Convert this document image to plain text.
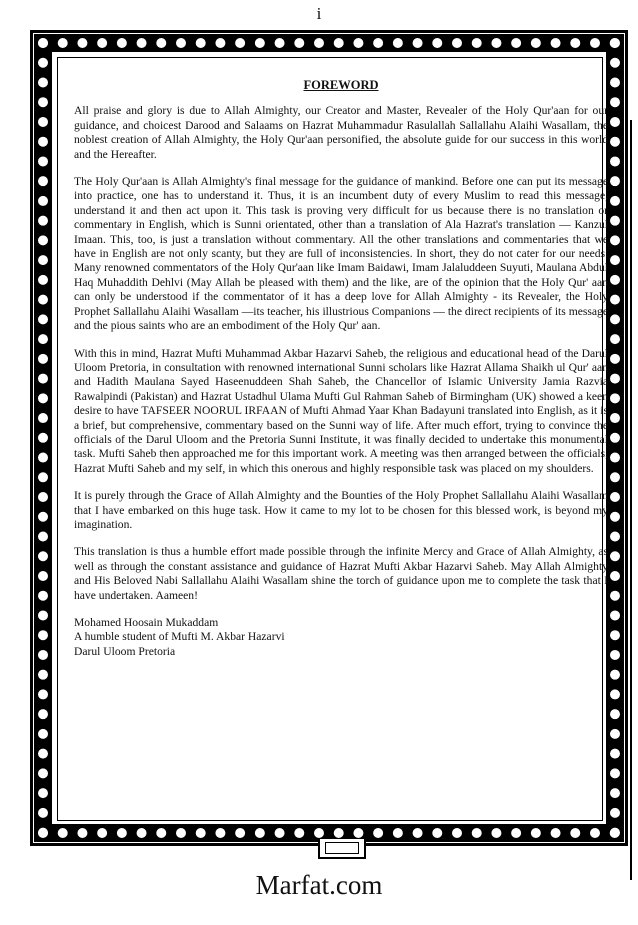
i

FOREWORD

All praise and glory is due to Allah Almighty, our Creator and Master, Revealer of the Holy Qur'aan for our guidance, and choicest Darood and Salaams on Hazrat Muhammadur Rasulallah Sallallahu Alaihi Wasallam, the noblest creation of Allah Almighty, the Holy Qur'aan personified, the absolute guide for our success in this world and the Hereafter.

The Holy Qur'aan is Allah Almighty's final message for the guidance of mankind. Before one can put its message into practice, one has to understand it. Thus, it is an incumbent duty of every Muslim to read this message, understand it and then act upon it. This task is proving very difficult for us because there is no translation or commentary in English, which is Sunni orientated, other than a translation of Ala Hazrat's translation — Kanzul Imaan. This, too, is just a translation without commentary. All the other translations and commentaries that we have in English are not only scanty, but they are full of inconsistencies. In short, they do not cater for our needs. Many renowned commentators of the Holy Qur'aan like Imam Baidawi, Imam Jalaluddeen Suyuti, Maulana Abdul Haq Muhaddith Dehlvi (May Allah be pleased with them) and the like, are of the opinion that the Holy Qur' aan can only be understood if the commentator of it has a deep love for Allah Almighty - its Revealer, the Holy Prophet Sallallahu Alaihi Wasallam —its teacher, his illustrious Companions — the direct recipients of its message and the pious saints who are an embodiment of the Holy Qur' aan.

With this in mind, Hazrat Mufti Muhammad Akbar Hazarvi Saheb, the religious and educational head of the Darul Uloom Pretoria, in consultation with renowned international Sunni scholars like Hazrat Allama Shaikh ul Qur' aan and Hadith Maulana Sayed Haseenuddeen Shah Saheb, the Chancellor of Islamic University Jamia Razvia Rawalpindi (Pakistan) and Hazrat Ustadhul Ulama Mufti Gul Rahman Saheb of Birmingham (UK) showed a keen desire to have TAFSEER NOORUL IRFAAN of Mufti Ahmad Yaar Khan Badayuni translated into English, as it is a brief, but comprehensive, commentary based on the Sunni way of life. After much effort, trying to convince the officials of the Darul Uloom and the Pretoria Sunni Institute, it was finally decided to undertake this monumental task. Mufti Saheb then approached me for this important work. A meeting was then arranged between the officials, Hazrat Mufti Saheb and my self, in which this onerous and highly responsible task was placed on my shoulders.

It is purely through the Grace of Allah Almighty and the Bounties of the Holy Prophet Sallallahu Alaihi Wasallam that I have embarked on this huge task. How it came to my lot to be chosen for this blessed work, is beyond my imagination.

This translation is thus a humble effort made possible through the infinite Mercy and Grace of Allah Almighty, as well as through the constant assistance and guidance of Hazrat Mufti Akbar Hazarvi Saheb. May Allah Almighty and His Beloved Nabi Sallallahu Alaihi Wasallam shine the torch of guidance upon me to complete the task that I have undertaken. Aameen!

Mohamed Hoosain Mukaddam

A humble student of Mufti M. Akbar Hazarvi

Darul Uloom Pretoria

Marfat.com
